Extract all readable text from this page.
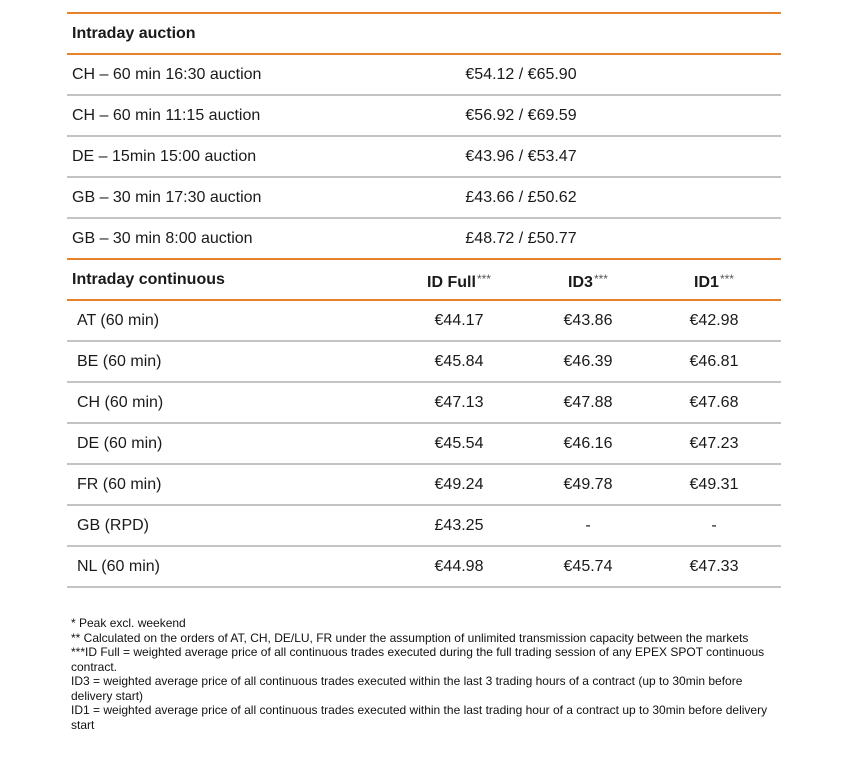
Intraday auction
CH – 60 min 16:30 auction	€54.12 / €65.90
CH – 60 min 11:15 auction	€56.92 / €69.59
DE – 15min 15:00 auction	€43.96 / €53.47
GB – 30 min 17:30 auction	£43.66 / £50.62
GB – 30 min 8:00 auction	£48.72 / £50.77
Intraday continuous	ID Full***	ID3***	ID1***
AT (60 min)	€44.17	€43.86	€42.98
BE (60 min)	€45.84	€46.39	€46.81
CH (60 min)	€47.13	€47.88	€47.68
DE (60 min)	€45.54	€46.16	€47.23
FR (60 min)	€49.24	€49.78	€49.31
GB (RPD)	£43.25	-	-
NL (60 min)	€44.98	€45.74	€47.33

* Peak excl. weekend

** Calculated on the orders of AT, CH, DE/LU, FR under the assumption of unlimited transmission capacity between the markets

***ID Full = weighted average price of all continuous trades executed during the full trading session of any EPEX SPOT continuous contract.

ID3 = weighted average price of all continuous trades executed within the last 3 trading hours of a contract (up to 30min before delivery start)

ID1 = weighted average price of all continuous trades executed within the last trading hour of a contract up to 30min before delivery start
